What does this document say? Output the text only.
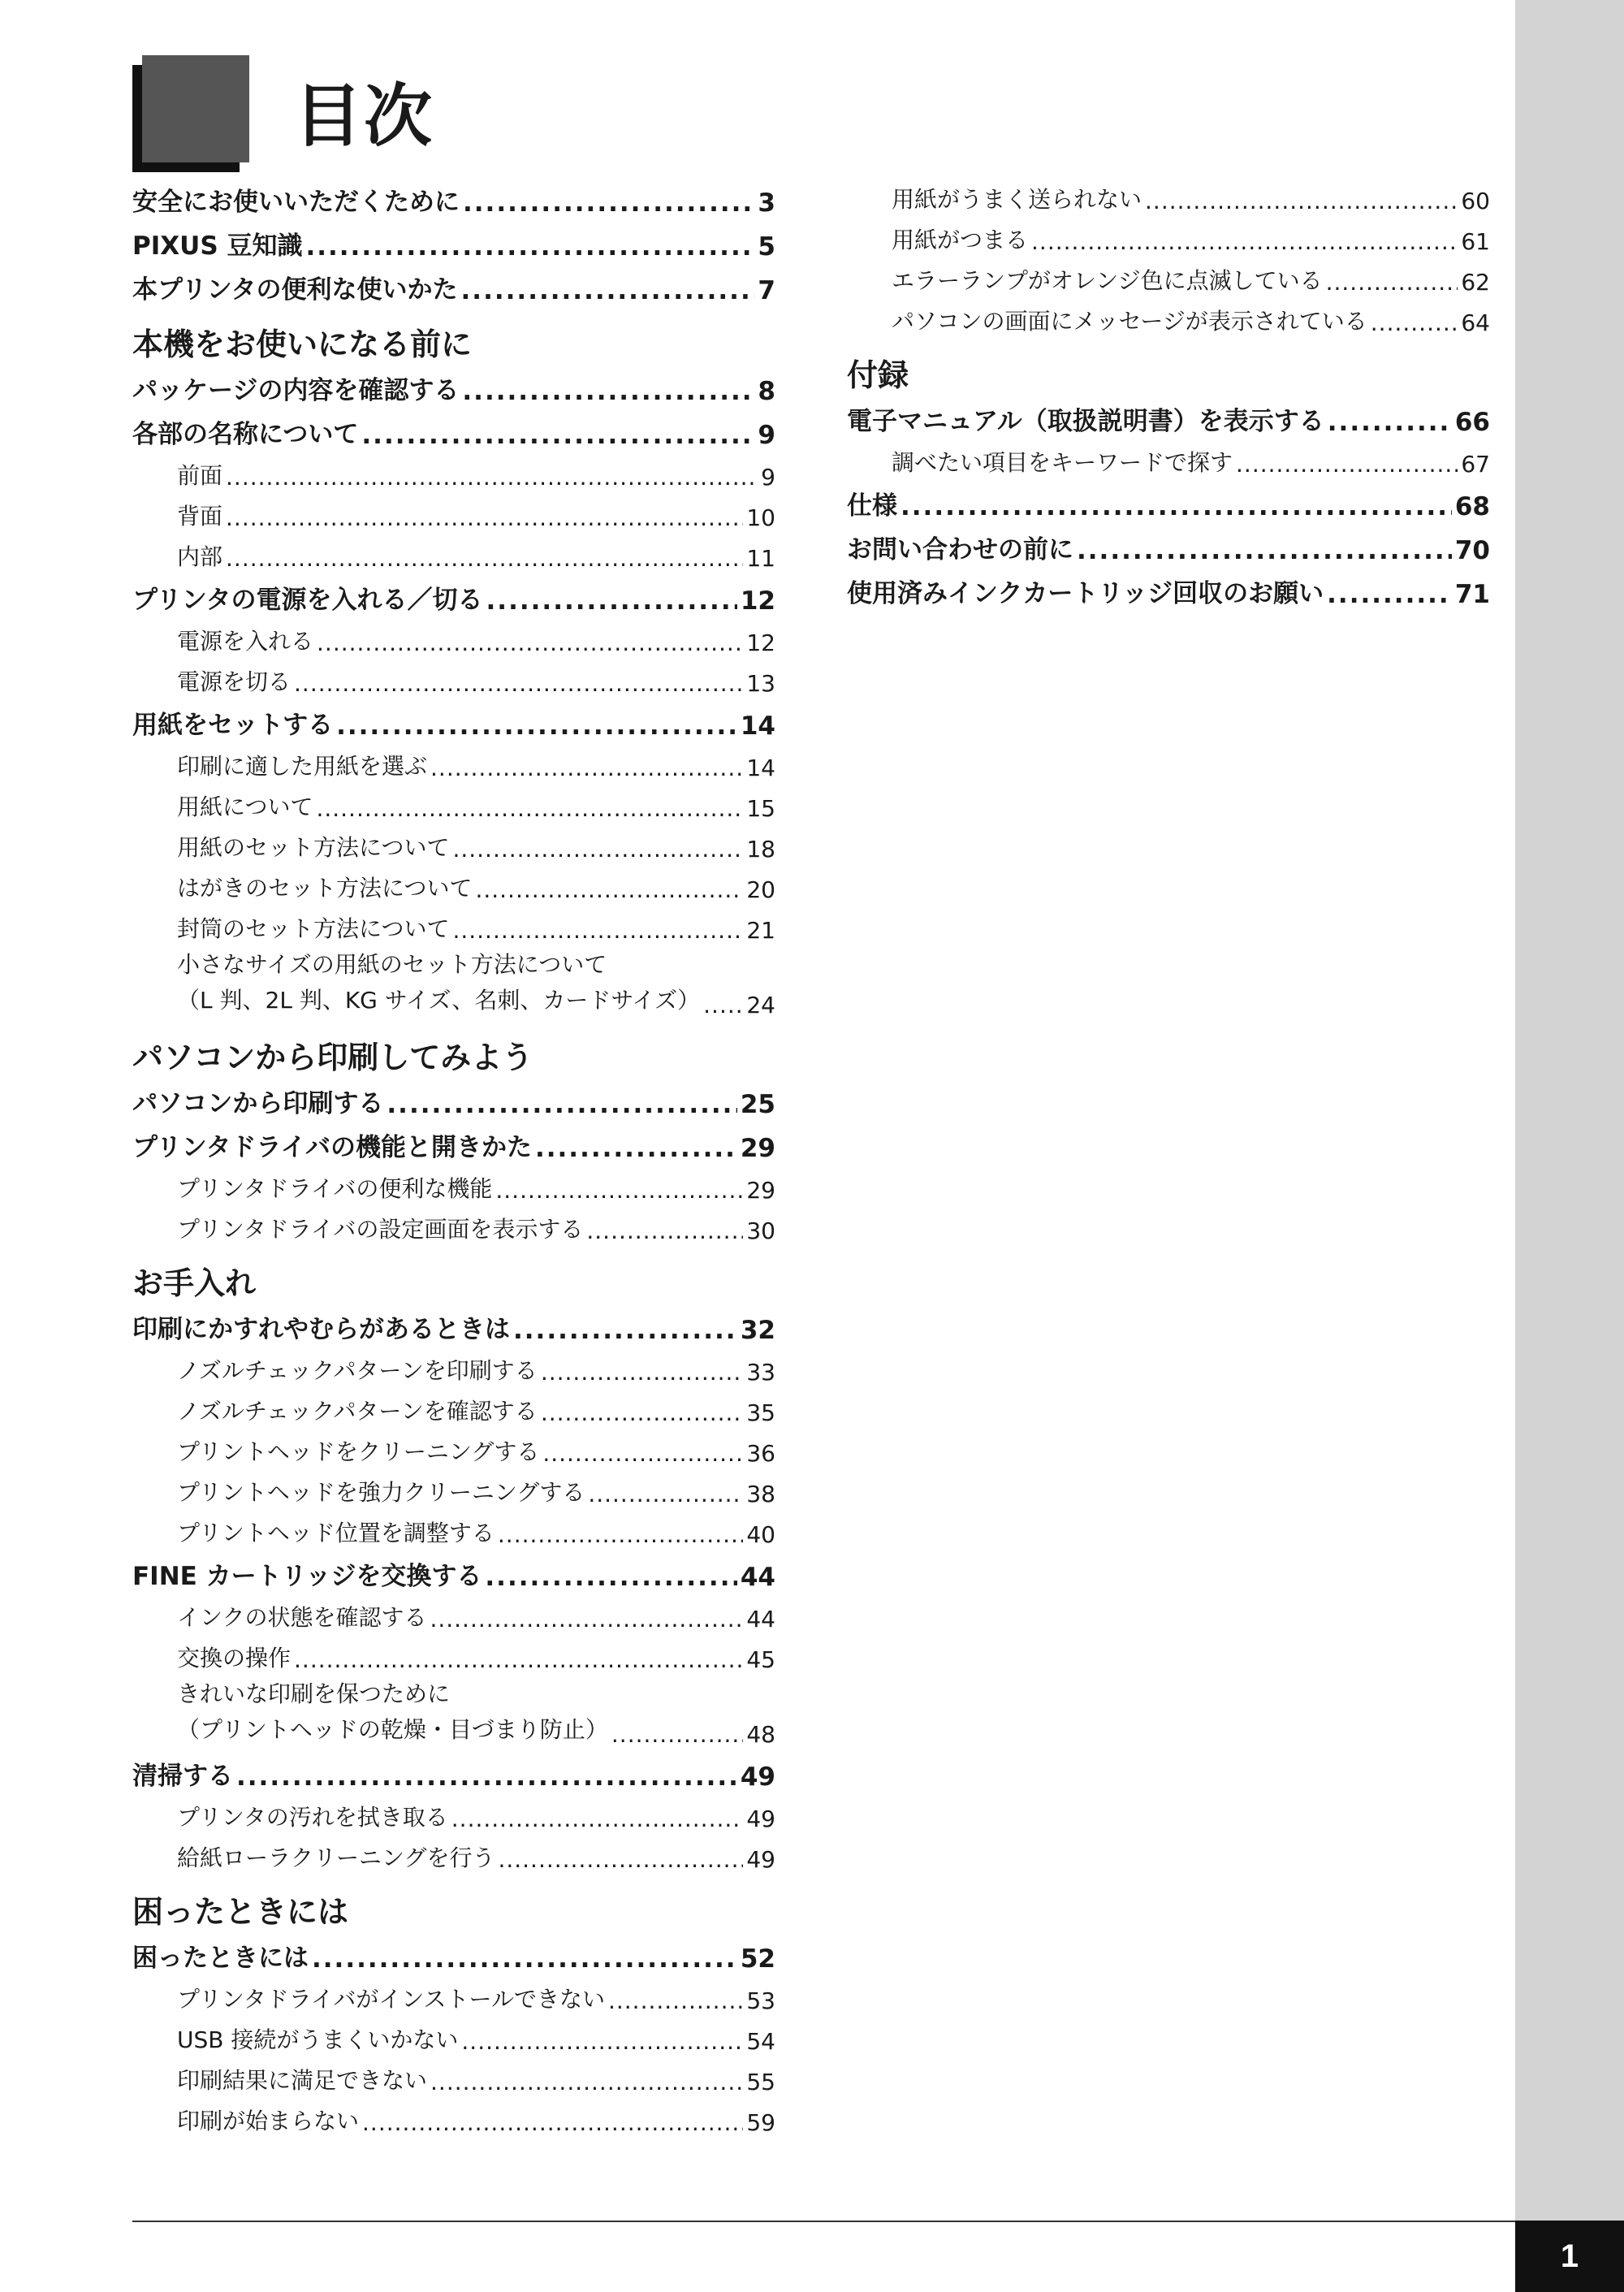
1
目次
安全にお使いいただくために .....	3
PIXUS 豆知識 .....	5
本プリンタの便利な使いかた .....	7
本機をお使いになる前に
パッケージの内容を確認する .....	8
各部の名称について .....	9
前面 .....	9
背面 .....	10
内部 .....	11
プリンタの電源を入れる／切る .....	12
電源を入れる .....	12
電源を切る .....	13
用紙をセットする .....	14
印刷に適した用紙を選ぶ .....	14
用紙について .....	15
用紙のセット方法について .....	18
はがきのセット方法について .....	20
封筒のセット方法について .....	21
小さなサイズの用紙のセット方法について
（L 判、2L 判、KG サイズ、名刺、カードサイズ） ..... 24
パソコンから印刷してみよう
パソコンから印刷する .....	25
プリンタドライバの機能と開きかた .....	29
プリンタドライバの便利な機能 .....	29
プリンタドライバの設定画面を表示する .....	30
お手入れ
印刷にかすれやむらがあるときは .....	32
ノズルチェックパターンを印刷する .....	33
ノズルチェックパターンを確認する .....	35
プリントヘッドをクリーニングする .....	36
プリントヘッドを強力クリーニングする .....	38
プリントヘッド位置を調整する .....	40
FINE カートリッジを交換する .....	44
インクの状態を確認する .....	44
交換の操作 .....	45
きれいな印刷を保つために
（プリントヘッドの乾燥・目づまり防止） .....	48
清掃する .....	49
プリンタの汚れを拭き取る .....	49
給紙ローラクリーニングを行う .....	49
困ったときには
困ったときには .....	52
プリンタドライバがインストールできない .....	53
USB 接続がうまくいかない .....	54
印刷結果に満足できない .....	55
印刷が始まらない .....	59
用紙がうまく送られない .....	60
用紙がつまる .....	61
エラーランプがオレンジ色に点滅している .....	62
パソコンの画面にメッセージが表示されている .....	64
付録
電子マニュアル（取扱説明書）を表示する .....	66
調べたい項目をキーワードで探す .....	67
仕様 .....	68
お問い合わせの前に .....	70
使用済みインクカートリッジ回収のお願い .....	71
